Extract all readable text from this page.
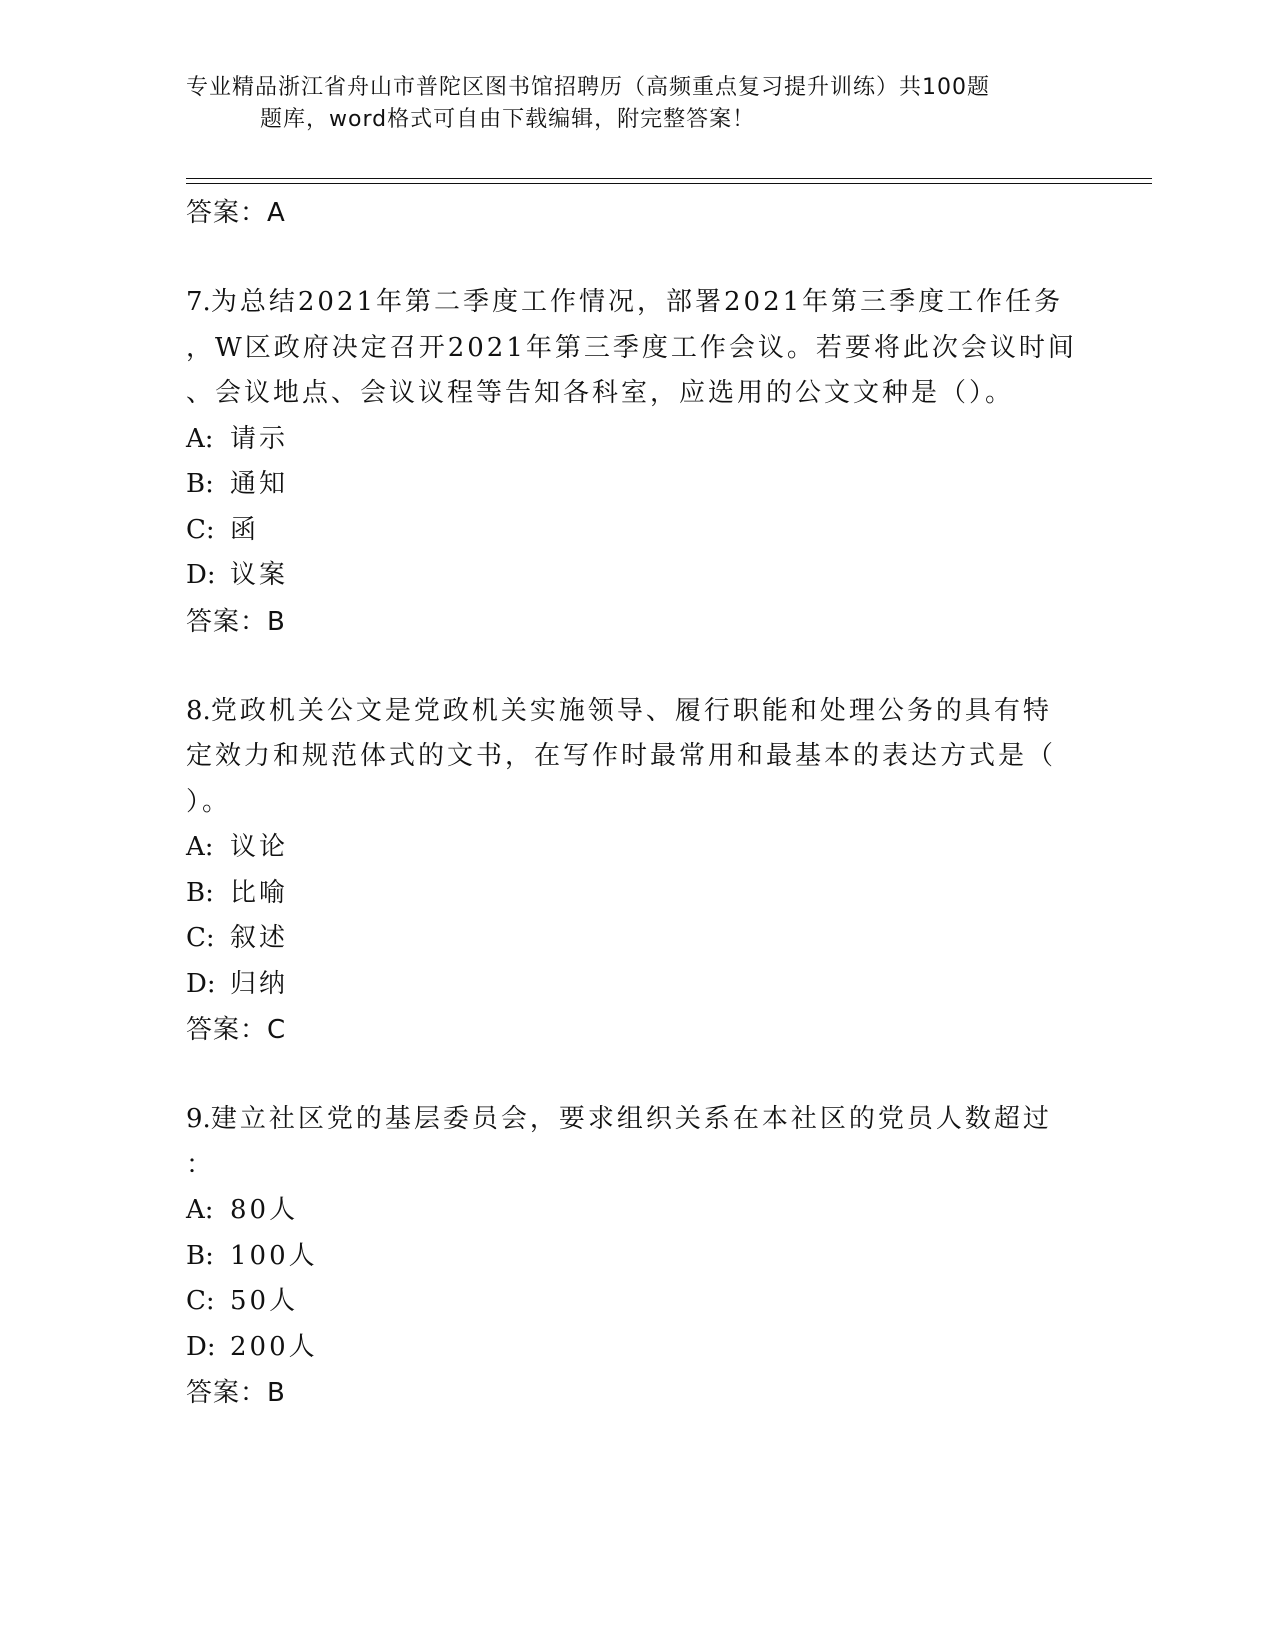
专业精品浙江省舟山市普陀区图书馆招聘历（高频重点复习提升训练）共100题
题库，word格式可自由下载编辑，附完整答案！
答案：A
7.为总结2021年第二季度工作情况，部署2021年第三季度工作任务
，W区政府决定召开2021年第三季度工作会议。若要将此次会议时间
、会议地点、会议议程等告知各科室，应选用的公文文种是（）。
A: 请示
B: 通知
C: 函
D: 议案
答案：B
8.党政机关公文是党政机关实施领导、履行职能和处理公务的具有特
定效力和规范体式的文书，在写作时最常用和最基本的表达方式是（
）。
A: 议论
B: 比喻
C: 叙述
D: 归纳
答案：C
9.建立社区党的基层委员会，要求组织关系在本社区的党员人数超过
：
A: 80人
B: 100人
C: 50人
D: 200人
答案：B
